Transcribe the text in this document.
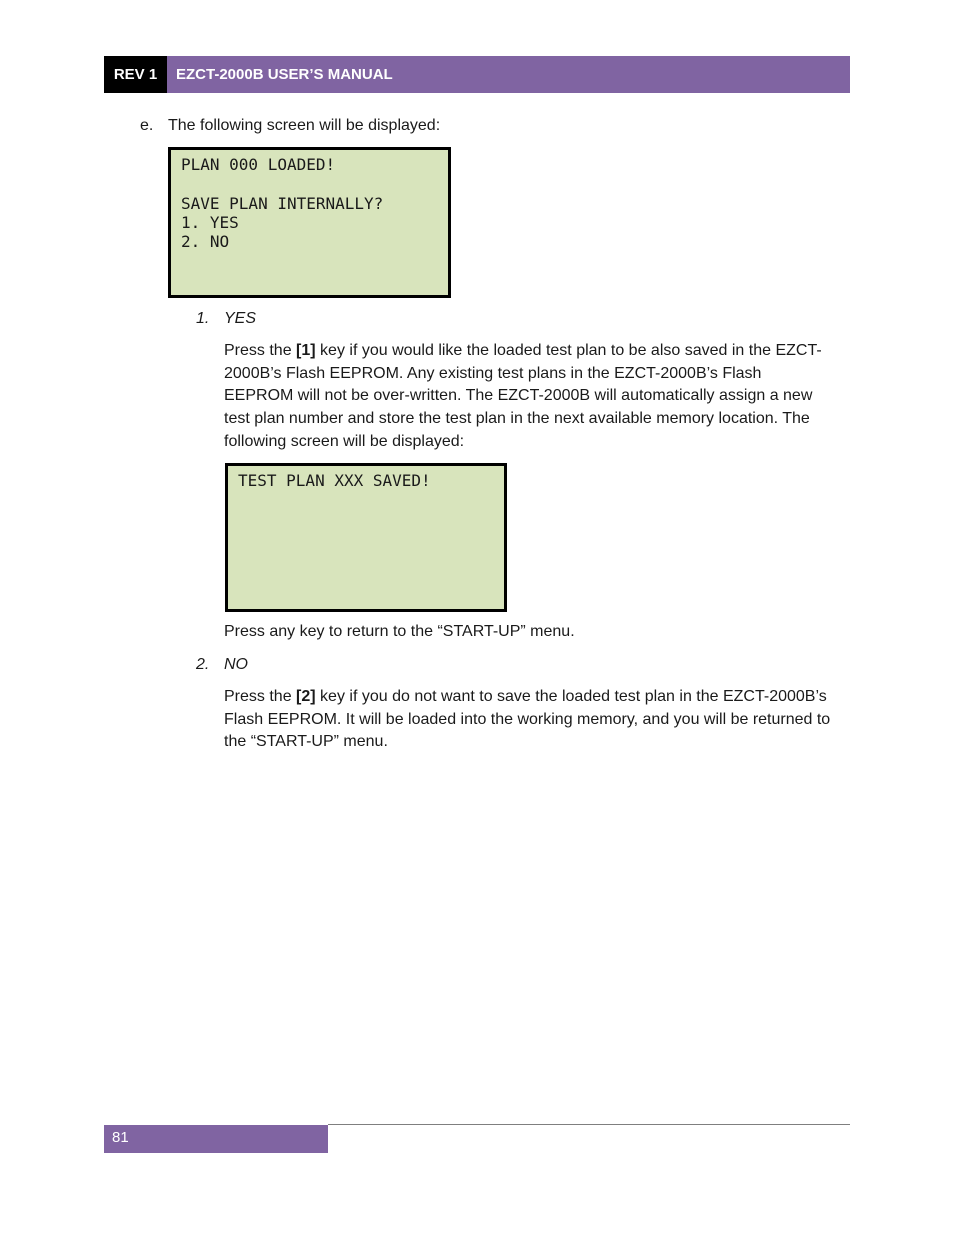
REV 1	EZCT-2000B USER’S MANUAL
e. The following screen will be displayed:
PLAN 000 LOADED!
SAVE PLAN INTERNALLY?
1. YES
2. NO
1. YES
Press the [1] key if you would like the loaded test plan to be also saved in the EZCT-2000B’s Flash EEPROM. Any existing test plans in the EZCT-2000B’s Flash EEPROM will not be over-written. The EZCT-2000B will automatically assign a new test plan number and store the test plan in the next available memory location. The following screen will be displayed:
TEST PLAN XXX SAVED!
Press any key to return to the “START-UP” menu.
2. NO
Press the [2] key if you do not want to save the loaded test plan in the EZCT-2000B’s Flash EEPROM. It will be loaded into the working memory, and you will be returned to the “START-UP” menu.
81
